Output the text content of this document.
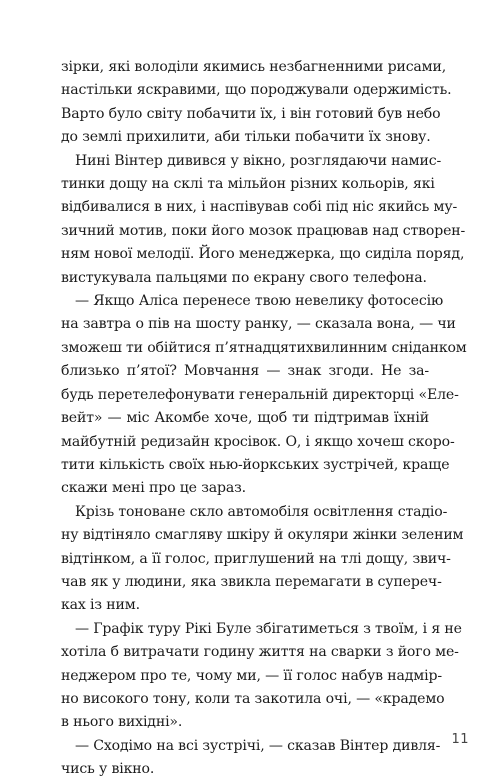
зірки, які володіли якимись незбагненними рисами,
настільки яскравими, що породжували одержимість.
Варто було світу побачити їх, і він готовий був небо
до землі прихилити, аби тільки побачити їх знову.
 Нині Вінтер дивився у вікно, розглядаючи намис-
тинки дощу на склі та мільйон різних кольорів, які
відбивалися в них, і наспівував собі під ніс якийсь му-
зичний мотив, поки його мозок працював над створен-
ням нової мелодії. Його менеджерка, що сиділа поряд,
вистукувала пальцями по екрану свого телефона.
 — Якщо Аліса перенесе твою невелику фотосесію
на завтра о пів на шосту ранку, — сказала вона, — чи
зможеш ти обійтися п’ятнадцятихвилинним сніданком
близько п’ятої? Мовчання — знак згоди. Не за-
будь перетелефонувати генеральній директорці «Еле-
вейт» — міс Акомбе хоче, щоб ти підтримав їхній
майбутній редизайн кросівок. О, і якщо хочеш скоро-
тити кількість своїх нью-йоркських зустрічей, краще
скажи мені про це зараз.
 Крізь тоноване скло автомобіля освітлення стадіо-
ну відтіняло смагляву шкіру й окуляри жінки зеленим
відтінком, а її голос, приглушений на тлі дощу, звич-
чав як у людини, яка звикла перемагати в супереч-
ках із ним.
 — Графік туру Рікі Буле збігатиметься з твоїм, і я не
хотіла б витрачати годину життя на сварки з його ме-
неджером про те, чому ми, — її голос набув надмір-
но високого тону, коли та закотила очі, — «крадемо
в нього вихідні».
 — Сходімо на всі зустрічі, — сказав Вінтер дивля-
чись у вікно.
11
